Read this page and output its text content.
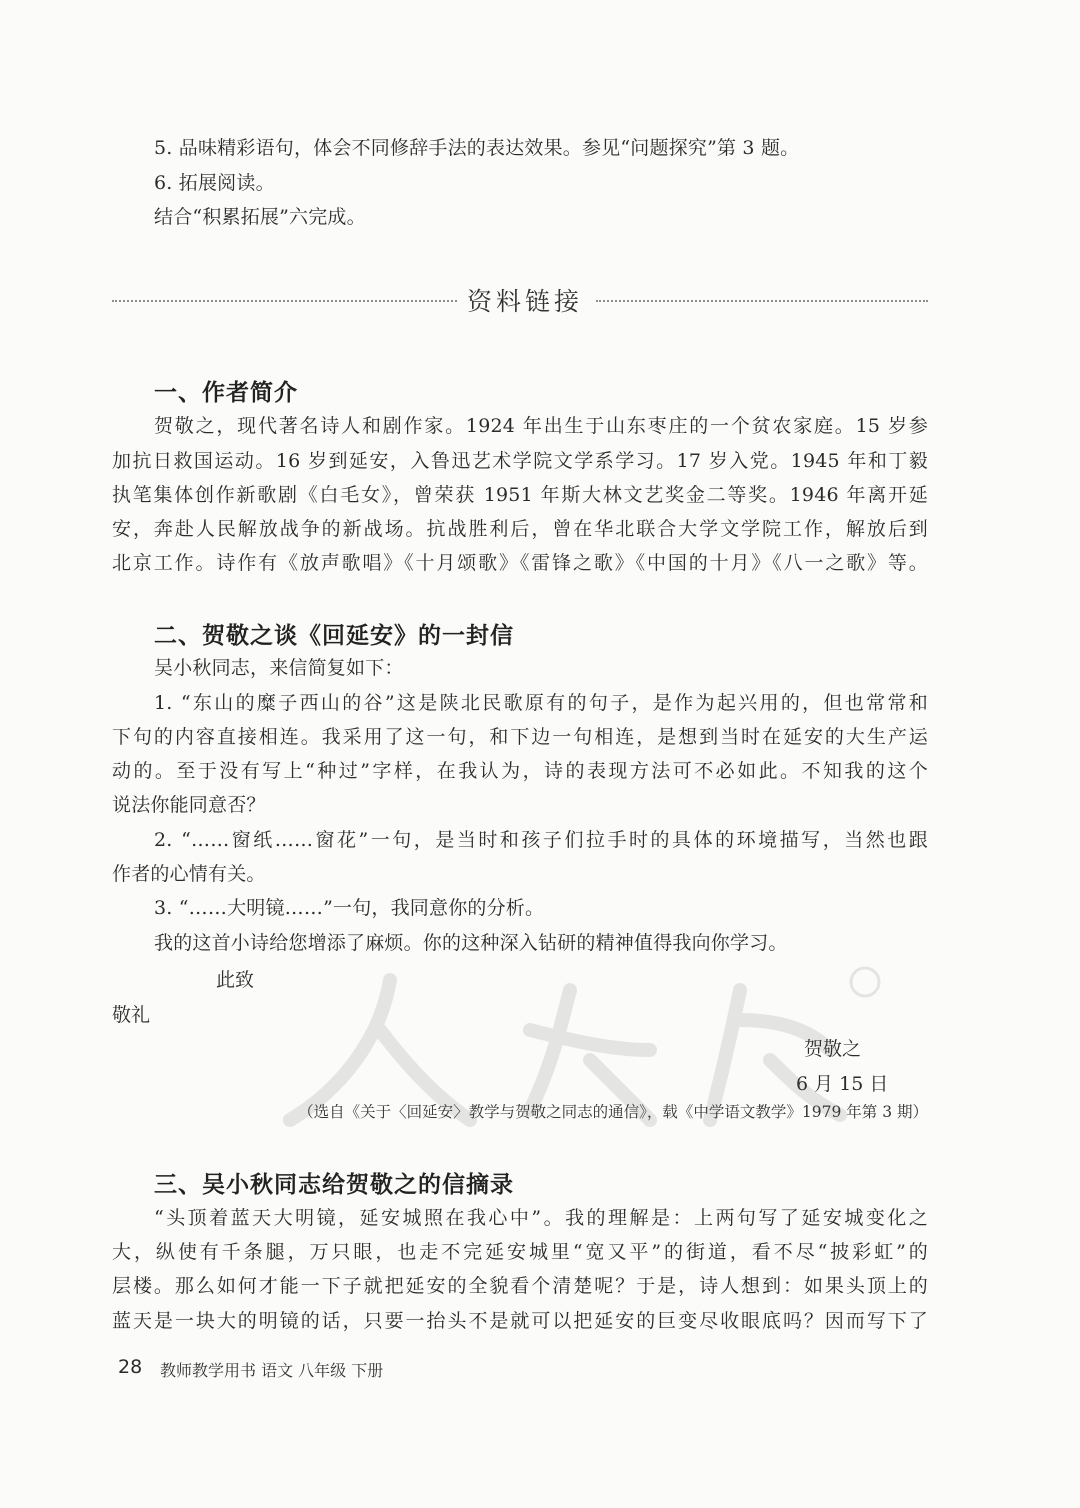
5. 品味精彩语句，体会不同修辞手法的表达效果。参见“问题探究”第 3 题。
6. 拓展阅读。
结合“积累拓展”六完成。
资料链接
一、作者简介
贺敬之，现代著名诗人和剧作家。1924 年出生于山东枣庄的一个贫农家庭。15 岁参
加抗日救国运动。16 岁到延安，入鲁迅艺术学院文学系学习。17 岁入党。1945 年和丁毅
执笔集体创作新歌剧《白毛女》，曾荣获 1951 年斯大林文艺奖金二等奖。1946 年离开延
安，奔赴人民解放战争的新战场。抗战胜利后，曾在华北联合大学文学院工作，解放后到
北京工作。诗作有《放声歌唱》《十月颂歌》《雷锋之歌》《中国的十月》《八一之歌》等。
二、贺敬之谈《回延安》的一封信
吴小秋同志，来信简复如下：
1. “东山的糜子西山的谷”这是陕北民歌原有的句子，是作为起兴用的，但也常常和
下句的内容直接相连。我采用了这一句，和下边一句相连，是想到当时在延安的大生产运
动的。至于没有写上“种过”字样，在我认为，诗的表现方法可不必如此。不知我的这个
说法你能同意否？
2. “……窗纸……窗花”一句，是当时和孩子们拉手时的具体的环境描写，当然也跟
作者的心情有关。
3. “……大明镜……”一句，我同意你的分析。
我的这首小诗给您增添了麻烦。你的这种深入钻研的精神值得我向你学习。
此致
敬礼
贺敬之
6 月 15 日
（选自《关于〈回延安〉教学与贺敬之同志的通信》，载《中学语文教学》1979 年第 3 期）
三、吴小秋同志给贺敬之的信摘录
“头顶着蓝天大明镜，延安城照在我心中”。我的理解是：上两句写了延安城变化之
大，纵使有千条腿，万只眼，也走不完延安城里“宽又平”的街道，看不尽“披彩虹”的
层楼。那么如何才能一下子就把延安的全貌看个清楚呢？于是，诗人想到：如果头顶上的
蓝天是一块大的明镜的话，只要一抬头不是就可以把延安的巨变尽收眼底吗？因而写下了
28 教师教学用书 语文 八年级 下册
